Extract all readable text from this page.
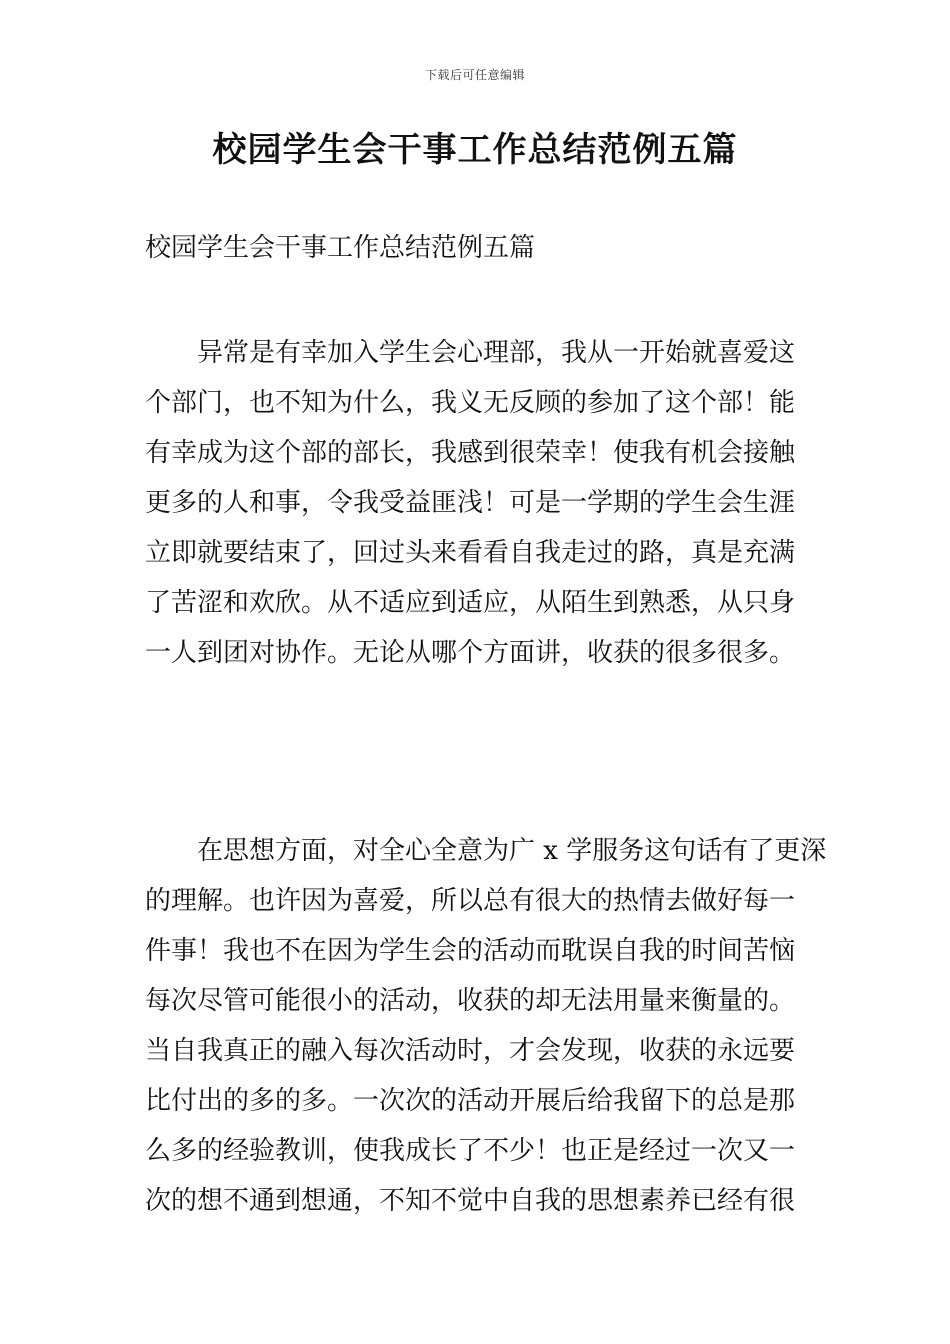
下载后可任意编辑
校园学生会干事工作总结范例五篇
校园学生会干事工作总结范例五篇
异常是有幸加入学生会心理部，我从一开始就喜爱这
个部门，也不知为什么，我义无反顾的参加了这个部！能
有幸成为这个部的部长，我感到很荣幸！使我有机会接触
更多的人和事，令我受益匪浅！可是一学期的学生会生涯
立即就要结束了，回过头来看看自我走过的路，真是充满
了苦涩和欢欣。从不适应到适应，从陌生到熟悉，从只身
一人到团对协作。无论从哪个方面讲，收获的很多很多。
在思想方面，对全心全意为广 x 学服务这句话有了更深
的理解。也许因为喜爱，所以总有很大的热情去做好每一
件事！我也不在因为学生会的活动而耽误自我的时间苦恼
每次尽管可能很小的活动，收获的却无法用量来衡量的。
当自我真正的融入每次活动时，才会发现，收获的永远要
比付出的多的多。一次次的活动开展后给我留下的总是那
么多的经验教训，使我成长了不少！也正是经过一次又一
次的想不通到想通，不知不觉中自我的思想素养已经有很
